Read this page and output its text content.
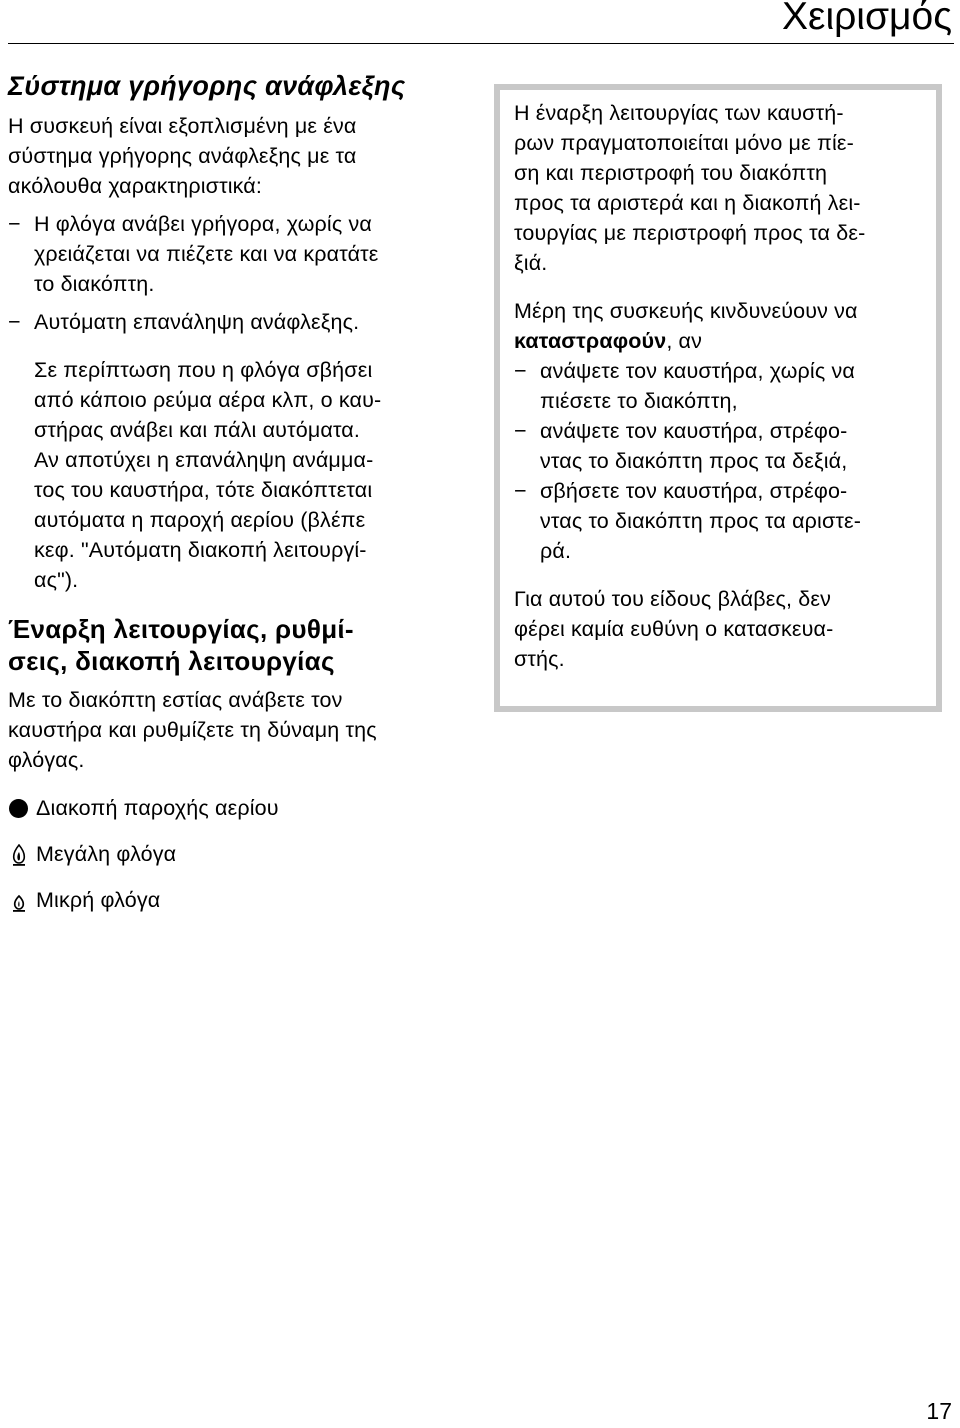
Χειρισμός
Σύστημα γρήγορης ανάφλεξης
Η συσκευή είναι εξοπλισμένη με ένα
σύστημα γρήγορης ανάφλεξης με τα
ακόλουθα χαρακτηριστικά:
− Η φλόγα ανάβει γρήγορα, χωρίς να
χρειάζεται να πιέζετε και να κρατάτε
το διακόπτη.
− Αυτόματη επανάληψη ανάφλεξης.
Σε περίπτωση που η φλόγα σβήσει
από κάποιο ρεύμα αέρα κλπ, ο καυ-
στήρας ανάβει και πάλι αυτόματα.
Αν αποτύχει η επανάληψη ανάμμα-
τος του καυστήρα, τότε διακόπτεται
αυτόματα η παροχή αερίου (βλέπε
κεφ. "Αυτόματη διακοπή λειτουργί-
ας").
Έναρξη λειτουργίας, ρυθμί-
σεις, διακοπή λειτουργίας
Με το διακόπτη εστίας ανάβετε τον
καυστήρα και ρυθμίζετε τη δύναμη της
φλόγας.
Διακοπή παροχής αερίου
Μεγάλη φλόγα
Μικρή φλόγα
Η έναρξη λειτουργίας των καυστή-
ρων πραγματοποιείται μόνο με πίε-
ση και περιστροφή του διακόπτη
προς τα αριστερά και η διακοπή λει-
τουργίας με περιστροφή προς τα δε-
ξιά.
Μέρη της συσκευής κινδυνεύουν να
καταστραφούν, αν
− ανάψετε τον καυστήρα, χωρίς να
πιέσετε το διακόπτη,
− ανάψετε τον καυστήρα, στρέφο-
ντας το διακόπτη προς τα δεξιά,
− σβήσετε τον καυστήρα, στρέφο-
ντας το διακόπτη προς τα αριστε-
ρά.
Για αυτού του είδους βλάβες, δεν
φέρει καμία ευθύνη ο κατασκευα-
στής.
17
